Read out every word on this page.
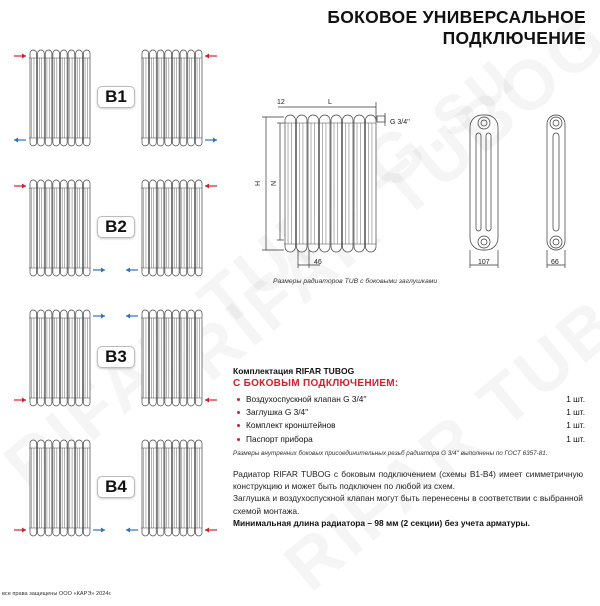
БОКОВОЕ УНИВЕРСАЛЬНОЕ
ПОДКЛЮЧЕНИЕ
B1
B2
B3
B4
12	L
G 3/4''
H N
46	107	66
Размеры радиаторов TUB с боковыми заглушками
Комплектация RIFAR TUBOG
С БОКОВЫМ ПОДКЛЮЧЕНИЕМ:
Воздухоспускной клапан G 3/4''	1 шт.
Заглушка G 3/4''	1 шт.
Комплект кронштейнов	1 шт.
Паспорт прибора	1 шт.
Размеры внутренних боковых присоединительных резьб радиатора G 3/4'' выполнены по ГОСТ 6357-81.
Радиатор RIFAR TUBOG с боковым подключением (схемы В1-В4) имеет симметричную конструкцию и может быть подключен по любой из схем.
Заглушка и воздухоспускной клапан могут быть перенесены в соответствии с выбранной схемой монтажа.
Минимальная длина радиатора – 98 мм (2 секции) без учета арматуры.
все права защищены ООО «КАРЭ» 2024г.
